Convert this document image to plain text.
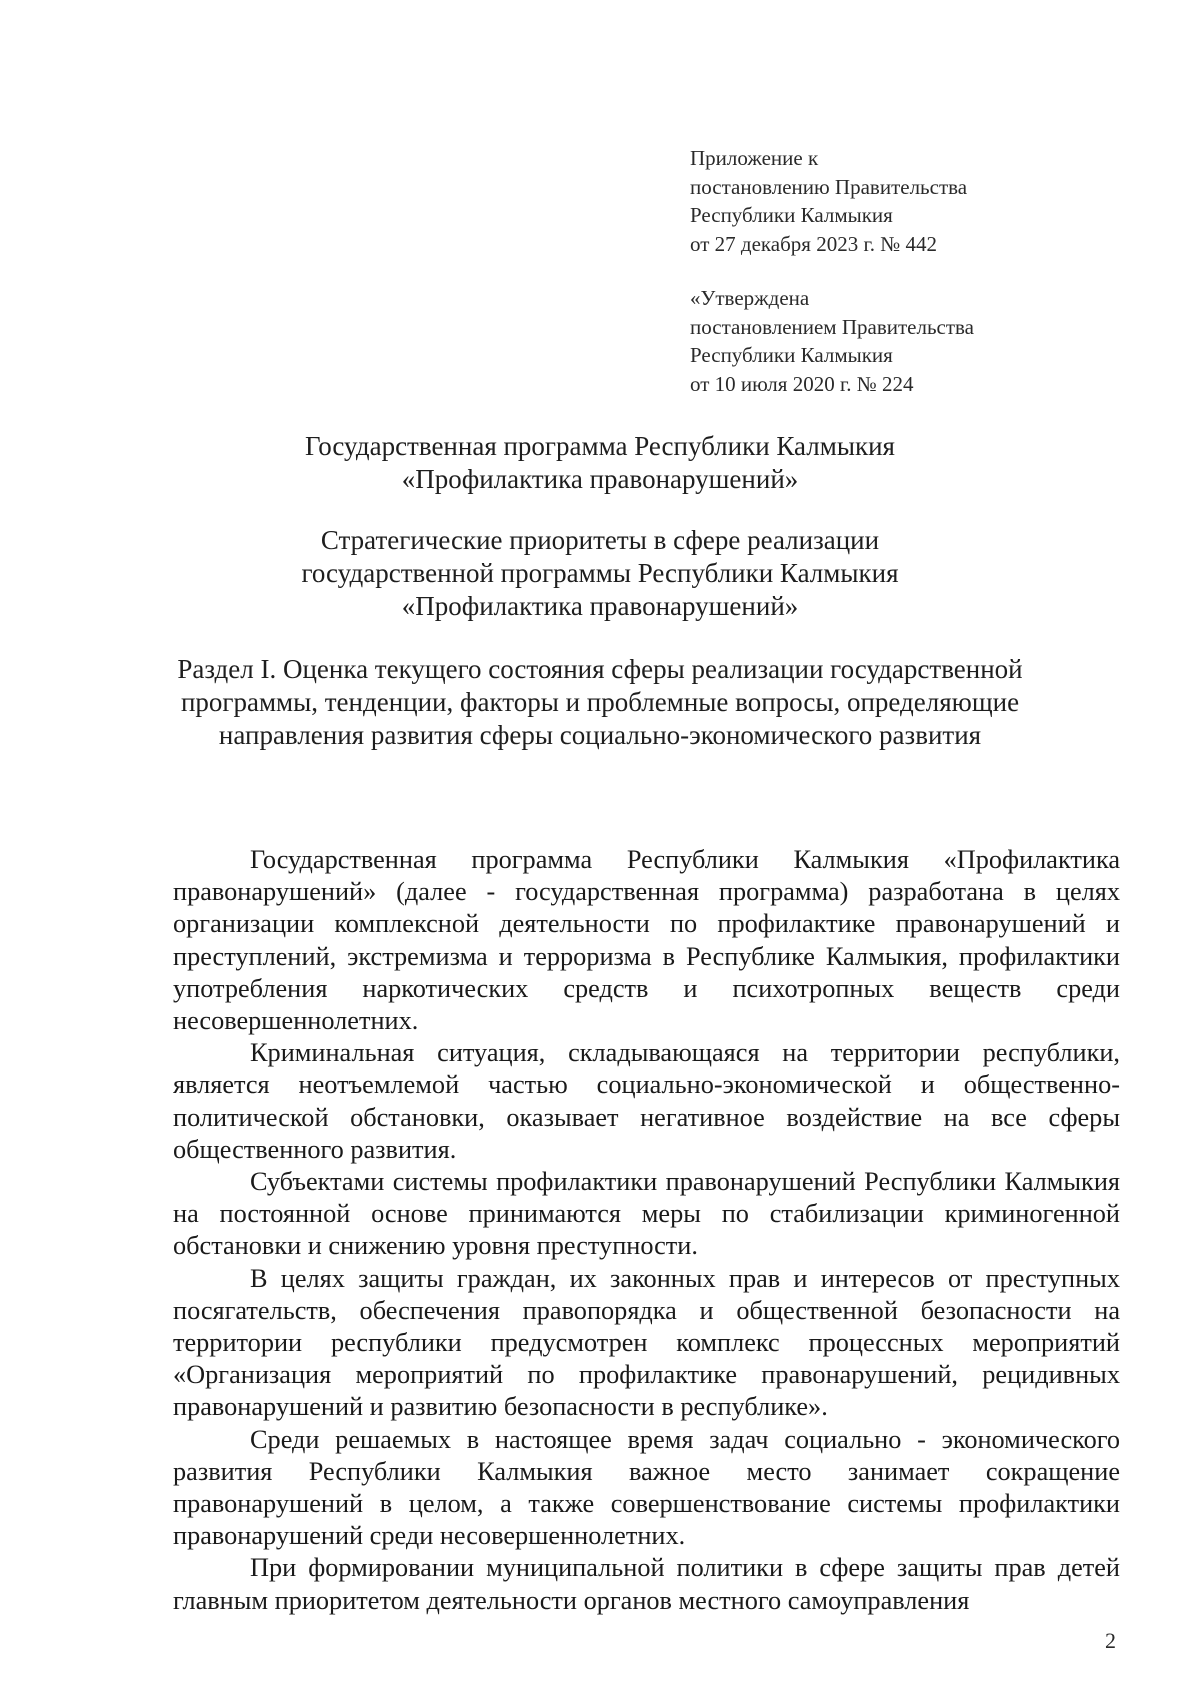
Приложение к
постановлению Правительства
Республики Калмыкия
от 27 декабря 2023 г. № 442
«Утверждена
постановлением Правительства
Республики Калмыкия
от 10 июля 2020 г. № 224
Государственная программа Республики Калмыкия
«Профилактика правонарушений»
Стратегические приоритеты в сфере реализации
государственной программы Республики Калмыкия
«Профилактика правонарушений»
Раздел I. Оценка текущего состояния сферы реализации государственной
программы, тенденции, факторы и проблемные вопросы, определяющие
направления развития сферы социально-экономического развития

Государственная программа Республики Калмыкия «Профилактика правонарушений» (далее - государственная программа) разработана в целях организации комплексной деятельности по профилактике правонарушений и преступлений, экстремизма и терроризма в Республике Калмыкия, профилактики употребления наркотических средств и психотропных веществ среди несовершеннолетних.

Криминальная ситуация, складывающаяся на территории республики, является неотъемлемой частью социально-экономической и общественно-политической обстановки, оказывает негативное воздействие на все сферы общественного развития.

Субъектами системы профилактики правонарушений Республики Калмыкия на постоянной основе принимаются меры по стабилизации криминогенной обстановки и снижению уровня преступности.

В целях защиты граждан, их законных прав и интересов от преступных посягательств, обеспечения правопорядка и общественной безопасности на территории республики предусмотрен комплекс процессных мероприятий «Организация мероприятий по профилактике правонарушений, рецидивных правонарушений и развитию безопасности в республике».

Среди решаемых в настоящее время задач социально - экономического развития Республики Калмыкия важное место занимает сокращение правонарушений в целом, а также совершенствование системы профилактики правонарушений среди несовершеннолетних.

При формировании муниципальной политики в сфере защиты прав детей главным приоритетом деятельности органов местного самоуправления

2
